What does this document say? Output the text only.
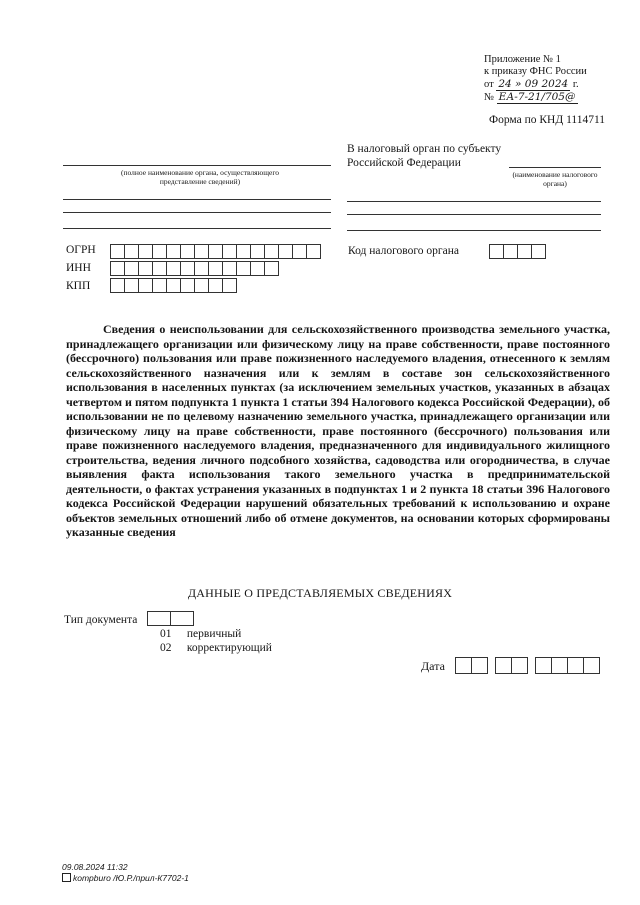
Приложение № 1
к приказу ФНС России
от 24 » 09 2024 г.
№ ЕА-7-21/705@
Форма по КНД 1114711
В налоговый орган по субъекту Российской Федерации
(полное наименование органа, осуществляющего представление сведений)
(наименование налогового органа)
ОГРН
ИНН
КПП
Код налогового органа
Сведения о неиспользовании для сельскохозяйственного производства земельного участка, принадлежащего организации или физическому лицу на праве собственности, праве постоянного (бессрочного) пользования или праве пожизненного наследуемого владения, отнесенного к землям сельскохозяйственного назначения или к землям в составе зон сельскохозяйственного использования в населенных пунктах (за исключением земельных участков, указанных в абзацах четвертом и пятом подпункта 1 пункта 1 статьи 394 Налогового кодекса Российской Федерации), об использовании не по целевому назначению земельного участка, принадлежащего организации или физическому лицу на праве собственности, праве постоянного (бессрочного) пользования или праве пожизненного наследуемого владения, предназначенного для индивидуального жилищного строительства, ведения личного подсобного хозяйства, садоводства или огородничества, в случае выявления факта использования такого земельного участка в предпринимательской деятельности, о фактах устранения указанных в подпунктах 1 и 2 пункта 18 статьи 396 Налогового кодекса Российской Федерации нарушений обязательных требований к использованию и охране объектов земельных отношений либо об отмене документов, на основании которых сформированы указанные сведения
ДАННЫЕ О ПРЕДСТАВЛЯЕМЫХ СВЕДЕНИЯХ
Тип документа
01 первичный
02 корректирующий
Дата
09.08.2024 11:32
kompburo /Ю.Р./прил-К7702-1
